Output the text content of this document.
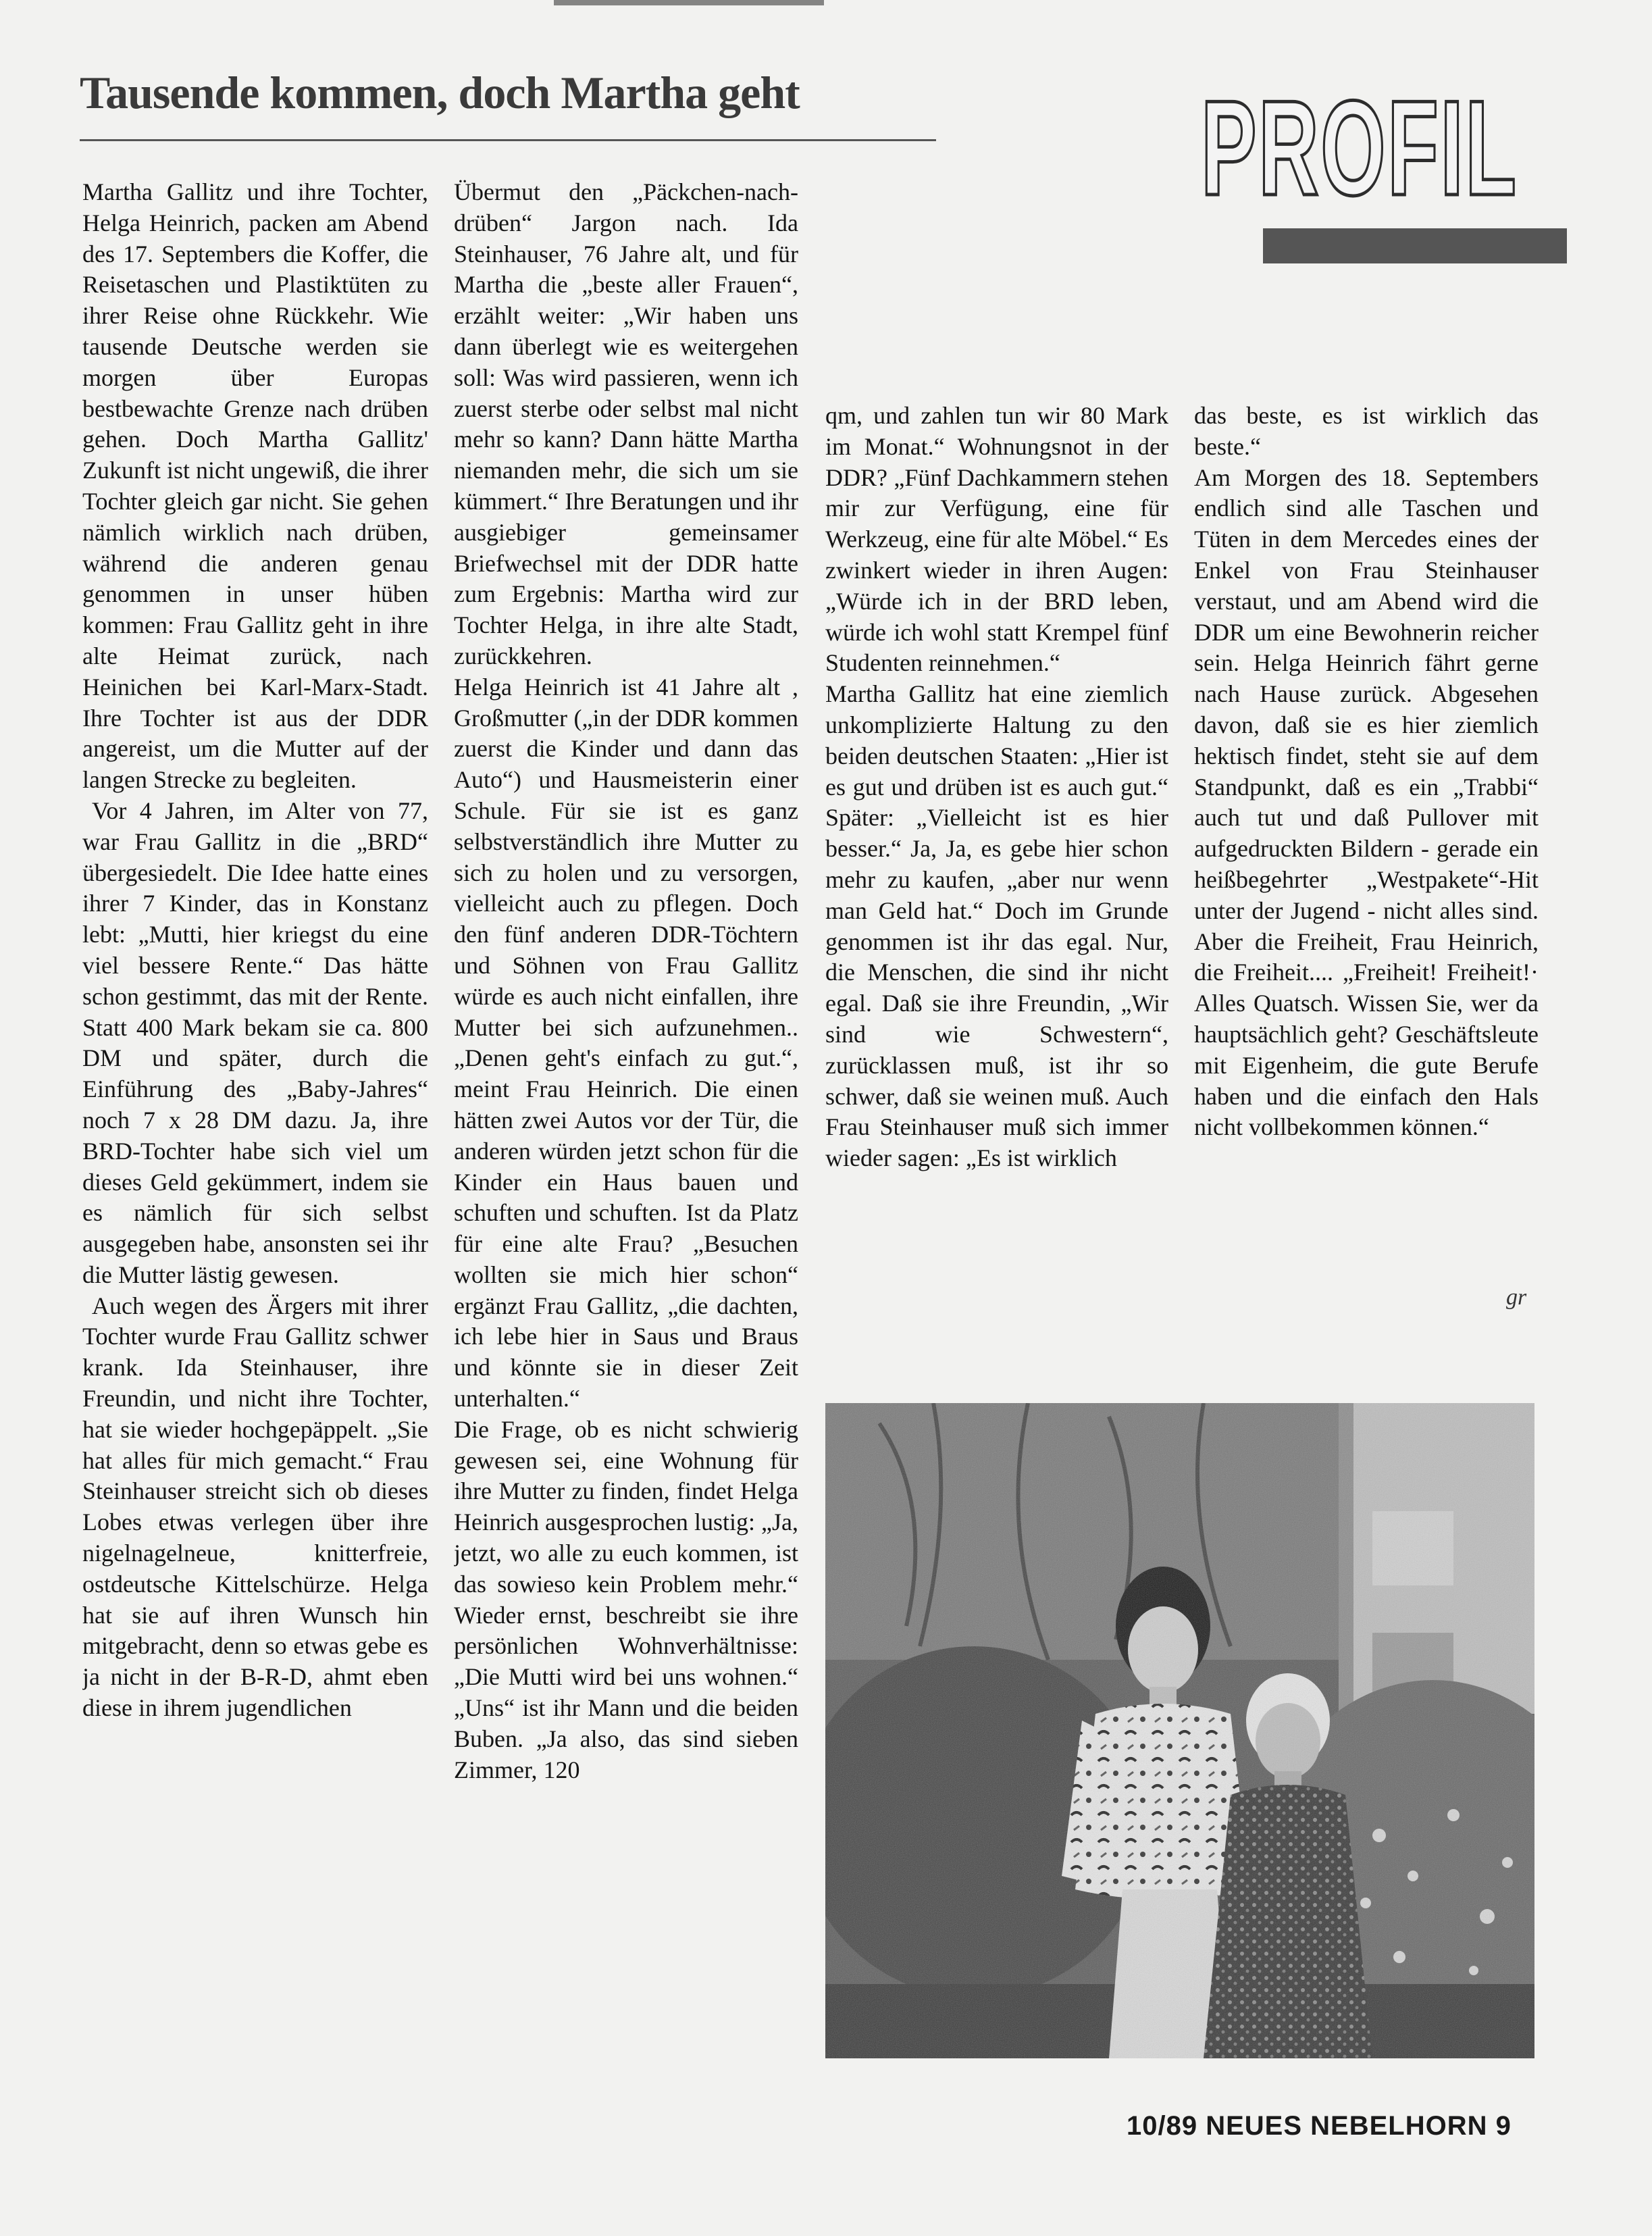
Tausende kommen, doch Martha geht	PROFIL

Martha Gallitz und ihre Tochter, Helga Heinrich, packen am Abend des 17. Septembers die Koffer, die Reisetaschen und Plastiktüten zu ihrer Reise ohne Rückkehr. Wie tausende Deutsche werden sie morgen über Europas bestbewachte Grenze nach drüben gehen. Doch Martha Gallitz' Zukunft ist nicht ungewiß, die ihrer Tochter gleich gar nicht. Sie gehen nämlich wirklich nach drüben, während die anderen genau genommen in unser hüben kommen: Frau Gallitz geht in ihre alte Heimat zurück, nach Heinichen bei Karl-Marx-Stadt. Ihre Tochter ist aus der DDR angereist, um die Mutter auf der langen Strecke zu begleiten.

Vor 4 Jahren, im Alter von 77, war Frau Gallitz in die „BRD“ übergesiedelt. Die Idee hatte eines ihrer 7 Kinder, das in Konstanz lebt: „Mutti, hier kriegst du eine viel bessere Rente.“ Das hätte schon gestimmt, das mit der Rente. Statt 400 Mark bekam sie ca. 800 DM und später, durch die Einführung des „Baby-Jahres“ noch 7 x 28 DM dazu. Ja, ihre BRD-Tochter habe sich viel um dieses Geld gekümmert, indem sie es nämlich für sich selbst ausgegeben habe, ansonsten sei ihr die Mutter lästig gewesen.

Auch wegen des Ärgers mit ihrer Tochter wurde Frau Gallitz schwer krank. Ida Steinhauser, ihre Freundin, und nicht ihre Tochter, hat sie wieder hochgepäppelt. „Sie hat alles für mich gemacht.“ Frau Steinhauser streicht sich ob dieses Lobes etwas verlegen über ihre nigelnagelneue, knitterfreie, ostdeutsche Kittelschürze. Helga hat sie auf ihren Wunsch hin mitgebracht, denn so etwas gebe es ja nicht in der B-R-D, ahmt eben diese in ihrem jugendlichen

Übermut den „Päckchen-nach-drüben“ Jargon nach. Ida Steinhauser, 76 Jahre alt, und für Martha die „beste aller Frauen“, erzählt weiter: „Wir haben uns dann überlegt wie es weitergehen soll: Was wird passieren, wenn ich zuerst sterbe oder selbst mal nicht mehr so kann? Dann hätte Martha niemanden mehr, die sich um sie kümmert.“ Ihre Beratungen und ihr ausgiebiger gemeinsamer Briefwechsel mit der DDR hatte zum Ergebnis: Martha wird zur Tochter Helga, in ihre alte Stadt, zurückkehren.

Helga Heinrich ist 41 Jahre alt , Großmutter („in der DDR kommen zuerst die Kinder und dann das Auto“) und Hausmeisterin einer Schule. Für sie ist es ganz selbstverständlich ihre Mutter zu sich zu holen und zu versorgen, vielleicht auch zu pflegen. Doch den fünf anderen DDR-Töchtern und Söhnen von Frau Gallitz würde es auch nicht einfallen, ihre Mutter bei sich aufzunehmen..„Denen geht's einfach zu gut.“, meint Frau Heinrich. Die einen hätten zwei Autos vor der Tür, die anderen würden jetzt schon für die Kinder ein Haus bauen und schuften und schuften. Ist da Platz für eine alte Frau? „Besuchen wollten sie mich hier schon“ ergänzt Frau Gallitz, „die dachten, ich lebe hier in Saus und Braus und könnte sie in dieser Zeit unterhalten.“

Die Frage, ob es nicht schwierig gewesen sei, eine Wohnung für ihre Mutter zu finden, findet Helga Heinrich ausgesprochen lustig: „Ja, jetzt, wo alle zu euch kommen, ist das sowieso kein Problem mehr.“ Wieder ernst, beschreibt sie ihre persönlichen Wohnverhältnisse: „Die Mutti wird bei uns wohnen.“ „Uns“ ist ihr Mann und die beiden Buben. „Ja also, das sind sieben Zimmer, 120

qm, und zahlen tun wir 80 Mark im Monat.“ Wohnungsnot in der DDR? „Fünf Dachkammern stehen mir zur Verfügung, eine für Werkzeug, eine für alte Möbel.“ Es zwinkert wieder in ihren Augen: „Würde ich in der BRD leben, würde ich wohl statt Krempel fünf Studenten reinnehmen.“

Martha Gallitz hat eine ziemlich unkomplizierte Haltung zu den beiden deutschen Staaten: „Hier ist es gut und drüben ist es auch gut.“ Später: „Vielleicht ist es hier besser.“ Ja, Ja, es gebe hier schon mehr zu kaufen, „aber nur wenn man Geld hat.“ Doch im Grunde genommen ist ihr das egal. Nur, die Menschen, die sind ihr nicht egal. Daß sie ihre Freundin, „Wir sind wie Schwestern“, zurücklassen muß, ist ihr so schwer, daß sie weinen muß. Auch Frau Steinhauser muß sich immer wieder sagen: „Es ist wirklich

das beste, es ist wirklich das beste.“

Am Morgen des 18. Septembers endlich sind alle Taschen und Tüten in dem Mercedes eines der Enkel von Frau Steinhauser verstaut, und am Abend wird die DDR um eine Bewohnerin reicher sein. Helga Heinrich fährt gerne nach Hause zurück. Abgesehen davon, daß sie es hier ziemlich hektisch findet, steht sie auf dem Standpunkt, daß es ein „Trabbi“ auch tut und daß Pullover mit aufgedruckten Bildern - gerade ein heißbegehrter „Westpakete“-Hit unter der Jugend - nicht alles sind. Aber die Freiheit, Frau Heinrich, die Freiheit.... „Freiheit! Freiheit!· Alles Quatsch. Wissen Sie, wer da hauptsächlich geht? Geschäftsleute mit Eigenheim, die gute Berufe haben und die einfach den Hals nicht vollbekommen können.“

gr

10/89 NEUES NEBELHORN 9
